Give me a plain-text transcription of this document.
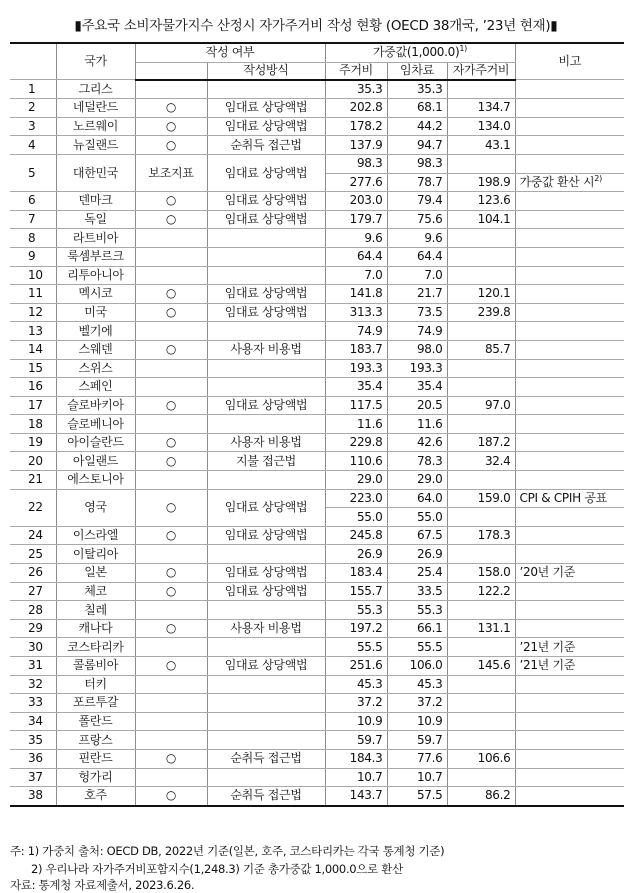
▮주요국 소비자물가지수 산정시 자가주거비 작성 현황 (OECD 38개국, ’23년 현재)▮
	국가	작성 여부		가중값$(1,000.0)^{1)}$			비고
			작성방식	주거비	임차료	자가주거비	
1	그리스			35.3	35.3		
2	네덜란드	○	임대료 상당액법	202.8	68.1	134.7	
3	노르웨이	○	임대료 상당액법	178.2	44.2	134.0	
4	뉴질랜드	○	순취득 접근법	137.9	94.7	43.1	
5	대한민국	보조지표	임대료 상당액법	98.3	98.3		
				277.6	78.7	198.9	가중값 환산 시$^{2)}$
6	덴마크	○	임대료 상당액법	203.0	79.4	123.6	
7	독일	○	임대료 상당액법	179.7	75.6	104.1	
8	라트비아			9.6	9.6		
9	룩셈부르크			64.4	64.4		
10	리투아니아			7.0	7.0		
11	멕시코	○	임대료 상당액법	141.8	21.7	120.1	
12	미국	○	임대료 상당액법	313.3	73.5	239.8	
13	벨기에			74.9	74.9		
14	스웨덴	○	사용자 비용법	183.7	98.0	85.7	
15	스위스			193.3	193.3		
16	스페인			35.4	35.4		
17	슬로바키아	○	임대료 상당액법	117.5	20.5	97.0	
18	슬로베니아			11.6	11.6		
19	아이슬란드	○	사용자 비용법	229.8	42.6	187.2	
20	아일랜드	○	지불 접근법	110.6	78.3	32.4	
21	에스토니아			29.0	29.0		
22	영국	○	임대료 상당액법	223.0	64.0	159.0	CPI & CPIH 공표
				55.0	55.0		
24	이스라엘	○	임대료 상당액법	245.8	67.5	178.3	
25	이탈리아			26.9	26.9		
26	일본	○	임대료 상당액법	183.4	25.4	158.0	’20년 기준
27	체코	○	임대료 상당액법	155.7	33.5	122.2	
28	칠레			55.3	55.3		
29	캐나다	○	사용자 비용법	197.2	66.1	131.1	
30	코스타리카			55.5	55.5		’21년 기준
31	콜롬비아	○	임대료 상당액법	251.6	106.0	145.6	’21년 기준
32	터키			45.3	45.3		
33	포르투갈			37.2	37.2		
34	폴란드			10.9	10.9		
35	프랑스			59.7	59.7		
36	핀란드	○	순취득 접근법	184.3	77.6	106.6	
37	헝가리			10.7	10.7		
38	호주	○	순취득 접근법	143.7	57.5	86.2	
주: 1) 가중치 출처: OECD DB, 2022년 기준(일본, 호주, 코스타리카는 각국 통계청 기준)
2) 우리나라 자가주거비포함지수(1,248.3) 기준 총가중값 1,000.0으로 환산
자료: 통계청 자료제출서, 2023.6.26.
